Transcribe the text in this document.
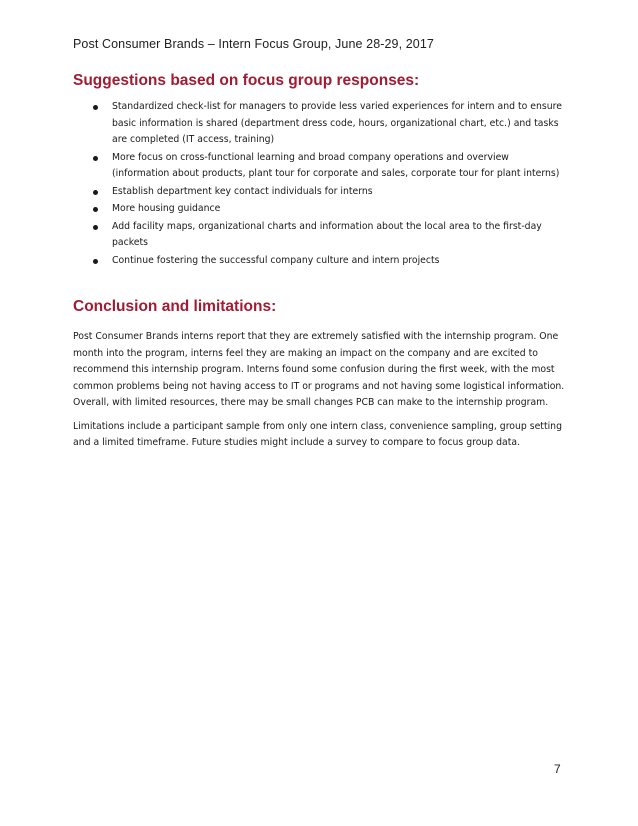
Post Consumer Brands – Intern Focus Group, June 28-29, 2017
Suggestions based on focus group responses:
Standardized check-list for managers to provide less varied experiences for intern and to ensure basic information is shared (department dress code, hours, organizational chart, etc.) and tasks are completed (IT access, training)
More focus on cross-functional learning and broad company operations and overview (information about products, plant tour for corporate and sales, corporate tour for plant interns)
Establish department key contact individuals for interns
More housing guidance
Add facility maps, organizational charts and information about the local area to the first-day packets
Continue fostering the successful company culture and intern projects
Conclusion and limitations:

Post Consumer Brands interns report that they are extremely satisfied with the internship program. One month into the program, interns feel they are making an impact on the company and are excited to recommend this internship program. Interns found some confusion during the first week, with the most common problems being not having access to IT or programs and not having some logistical information. Overall, with limited resources, there may be small changes PCB can make to the internship program.

Limitations include a participant sample from only one intern class, convenience sampling, group setting and a limited timeframe. Future studies might include a survey to compare to focus group data.

7
